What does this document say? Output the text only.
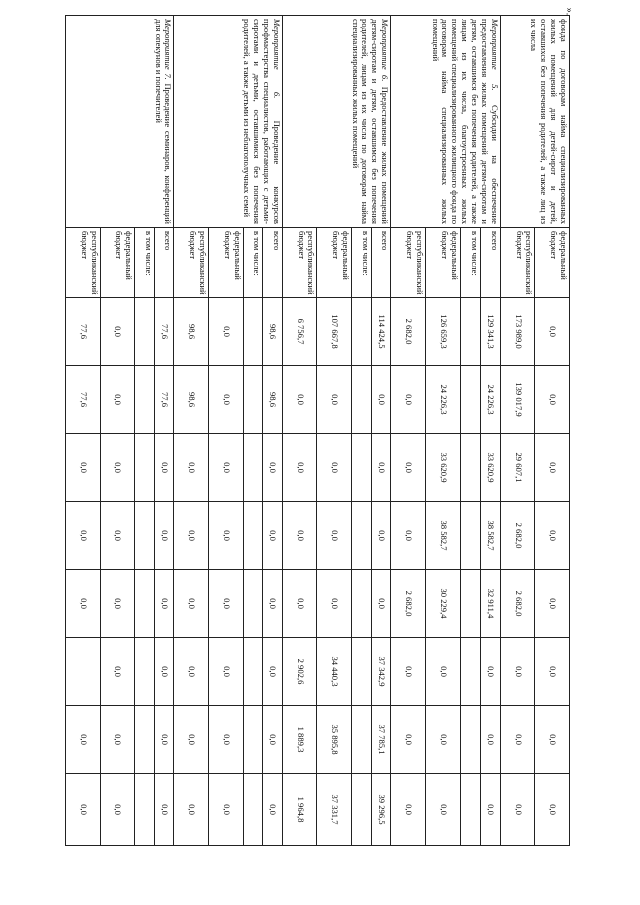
».
фонда по договорам найма специализированных жилых помещений для детей-сирот и детей, оставшихся без попечения родителей, а также лиц из их числа	федеральный бюджет	0,0	0,0	0,0	0,0	0,0	0,0	0,0	0,0
	республиканский бюджет	173 989,0	139 017,9	29 607,1	2 682,0	2 682,0	0,0	0,0	0,0
Мероприятие 5. Субсидии на обеспечение предоставления жилых помещений детям-сиротам и детям, оставшимся без попечения родителей, а также лицам из их числа, благоустроенных жилых помещений специализированного жилищного фонда по договорам найма специализированных жилых помещений	всего	129 341,3	24 226,3	33 620,9	38 582,7	32 911,4	0,0	0,0	0,0
	в том числе:								
	федеральный бюджет	126 659,3	24 226,3	33 620,9	38 582,7	30 229,4	0,0	0,0	0,0
	республиканский бюджет	2 682,0	0,0	0,0	0,0	2 682,0	0,0	0,0	0,0
Мероприятие 6. Предоставление жилых помещений детям-сиротам и детям, оставшимся без попечения родителей, лицам из их числа по договорам найма специализированных жилых помещений	всего	114 424,5	0,0	0,0	0,0	0,0	37 342,9	37 785,1	39 296,5
	в том числе:								
	федеральный бюджет	107 667,8	0,0	0,0	0,0	0,0	34 440,3	35 895,8	37 331,7
	республиканский бюджет	6 756,7	0,0	0,0	0,0	0,0	2 902,6	1 889,3	1 964,8
Мероприятие 6. Проведение конкурсов профмастерства специалистов, работающих с детьми-сиротами и детьми, оставшимися без попечения родителей, а также детьми из неблагополучных семей	всего	98,6	98,6	0,0	0,0	0,0	0,0	0,0	0,0
	в том числе:								
	федеральный бюджет	0,0	0,0	0,0	0,0	0,0	0,0	0,0	0,0
	республиканский бюджет	98,6	98,6	0,0	0,0	0,0	0,0	0,0	0,0
Мероприятие 7. Проведение семинаров, конференций для опекунов и попечителей	всего	77,6	77,6	0,0	0,0	0,0	0,0	0,0	0,0
	в том числе:								
	федеральный бюджет	0,0	0,0	0,0	0,0	0,0	0,0	0,0	0,0
	республиканский бюджет	77,6	77,6	0,0	0,0	0,0		0,0	0,0
